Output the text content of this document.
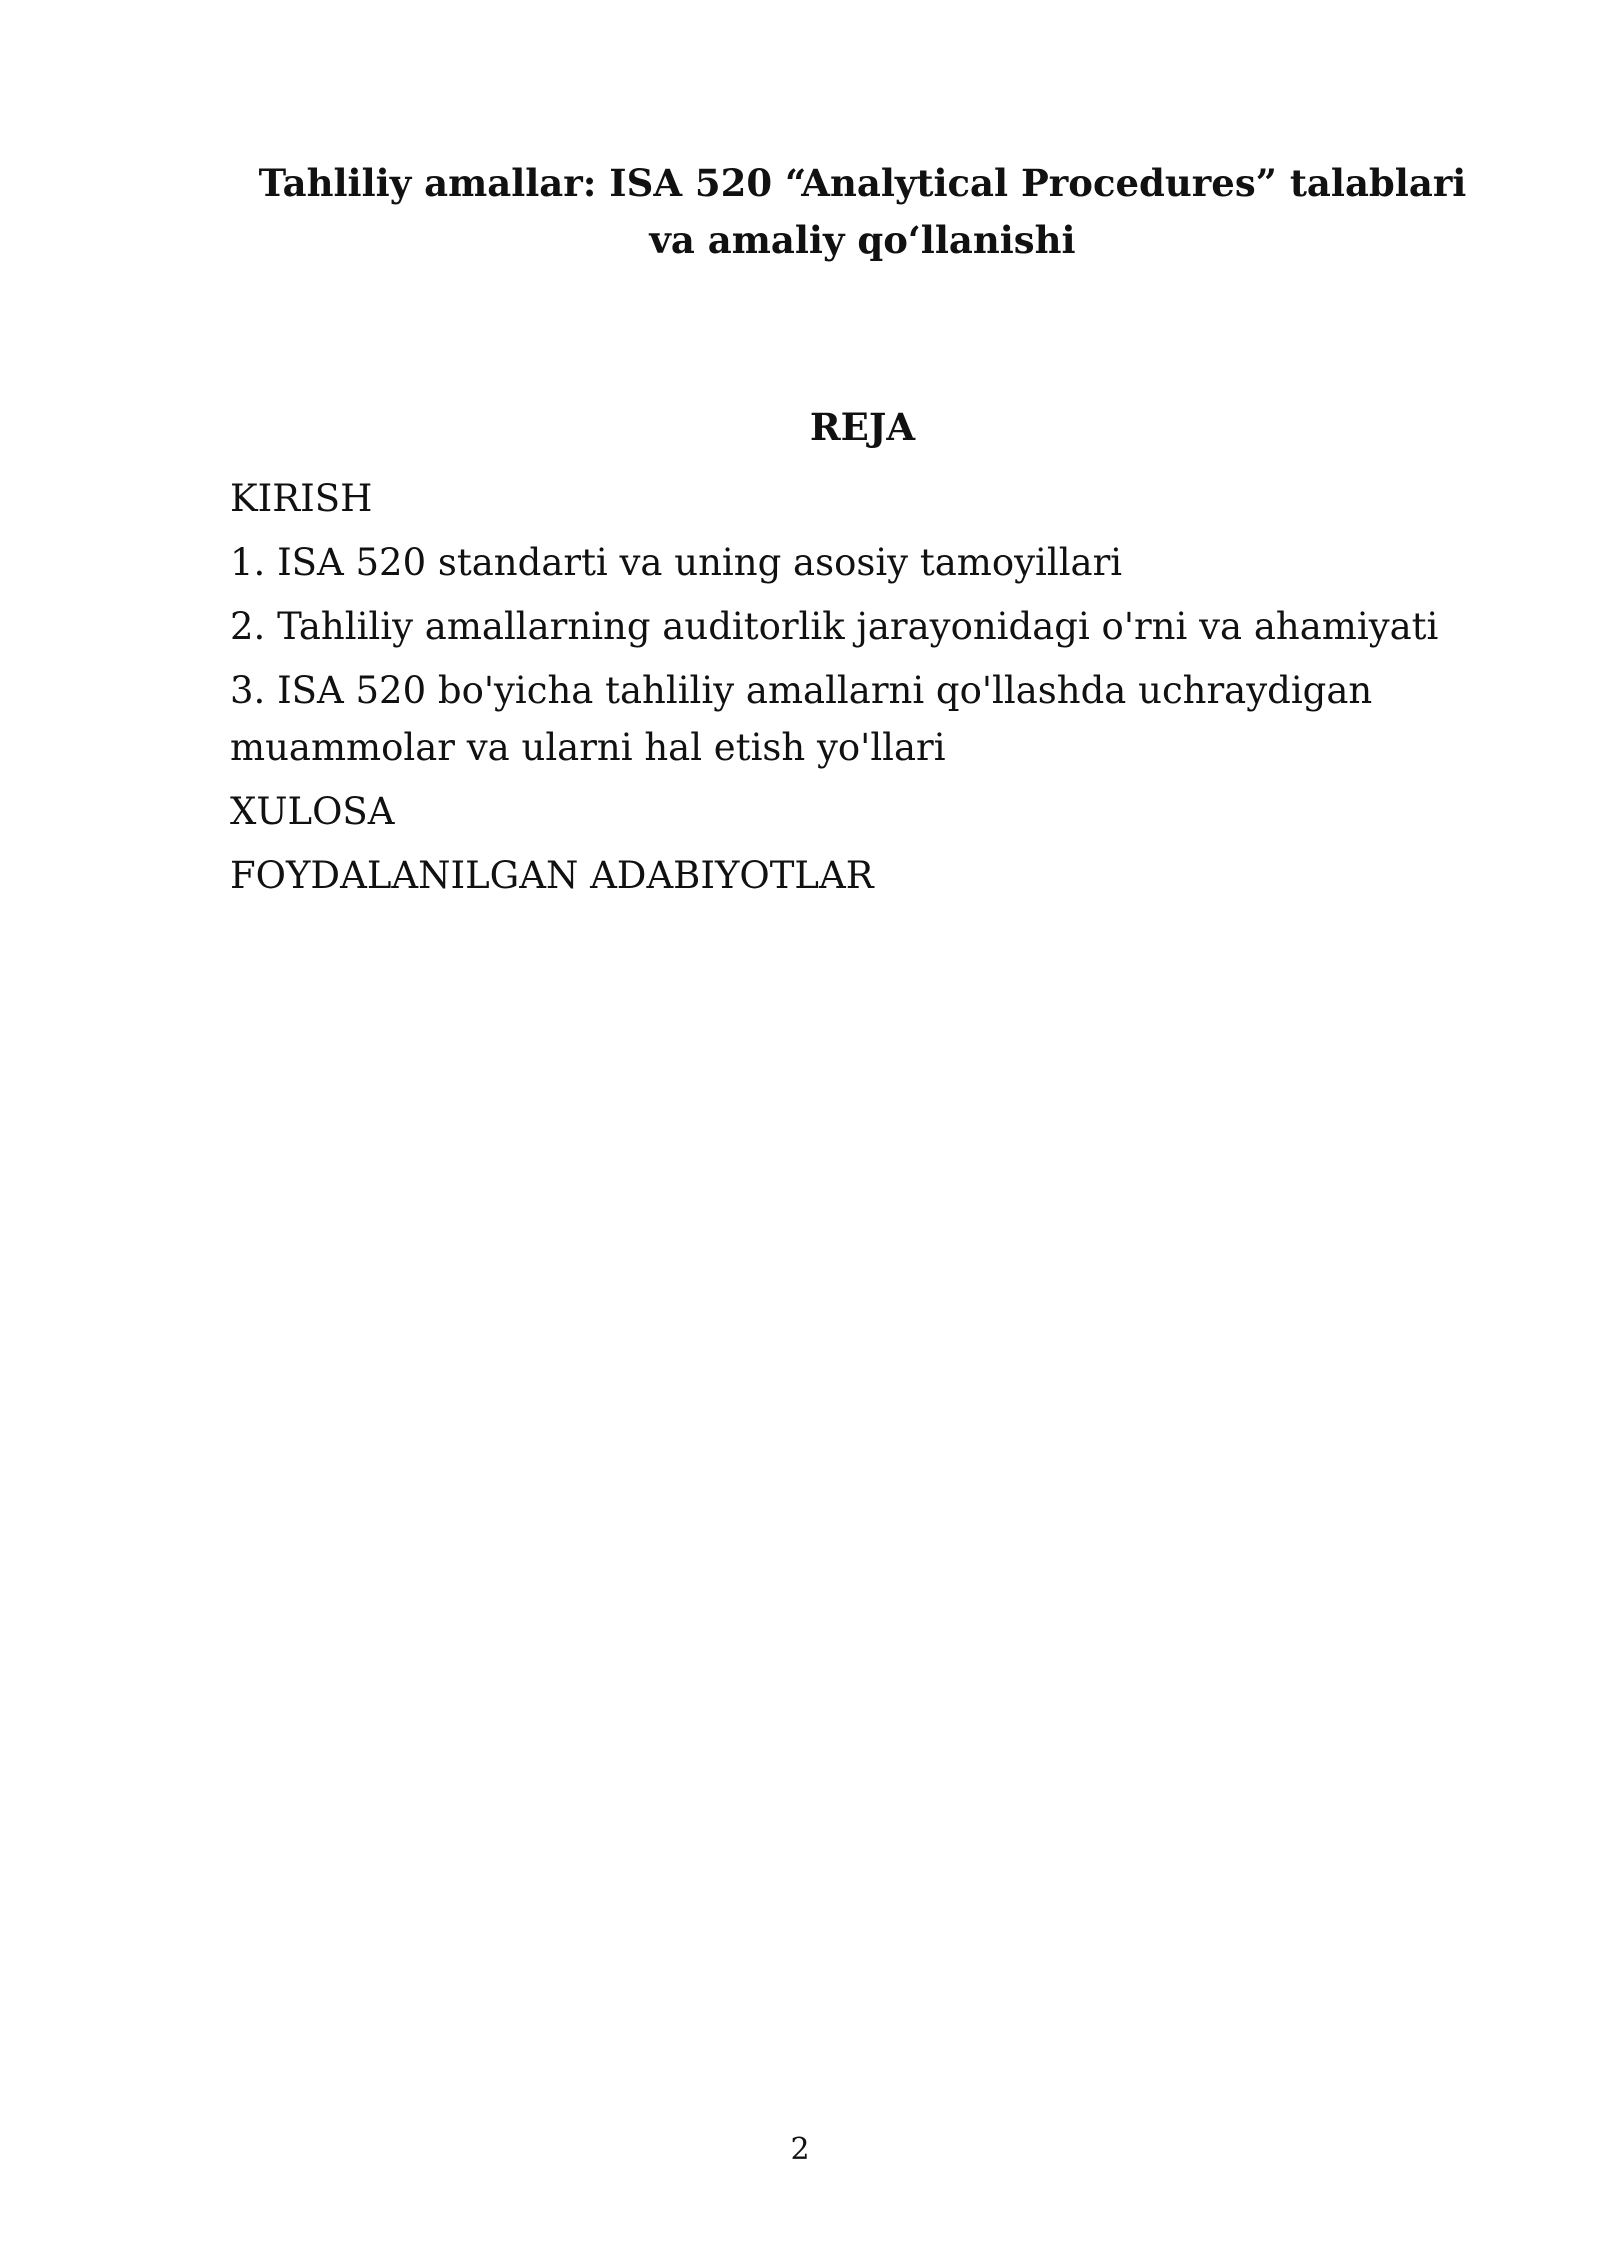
Tahliliy amallar: ISA 520 “Analytical Procedures” talablari va amaliy qo‘llanishi
REJA
KIRISH
1. ISA 520 standarti va uning asosiy tamoyillari
2. Tahliliy amallarning auditorlik jarayonidagi o'rni va ahamiyati
3. ISA 520 bo'yicha tahliliy amallarni qo'llashda uchraydigan muammolar va ularni hal etish yo'llari
XULOSA
FOYDALANILGAN ADABIYOTLAR
2
